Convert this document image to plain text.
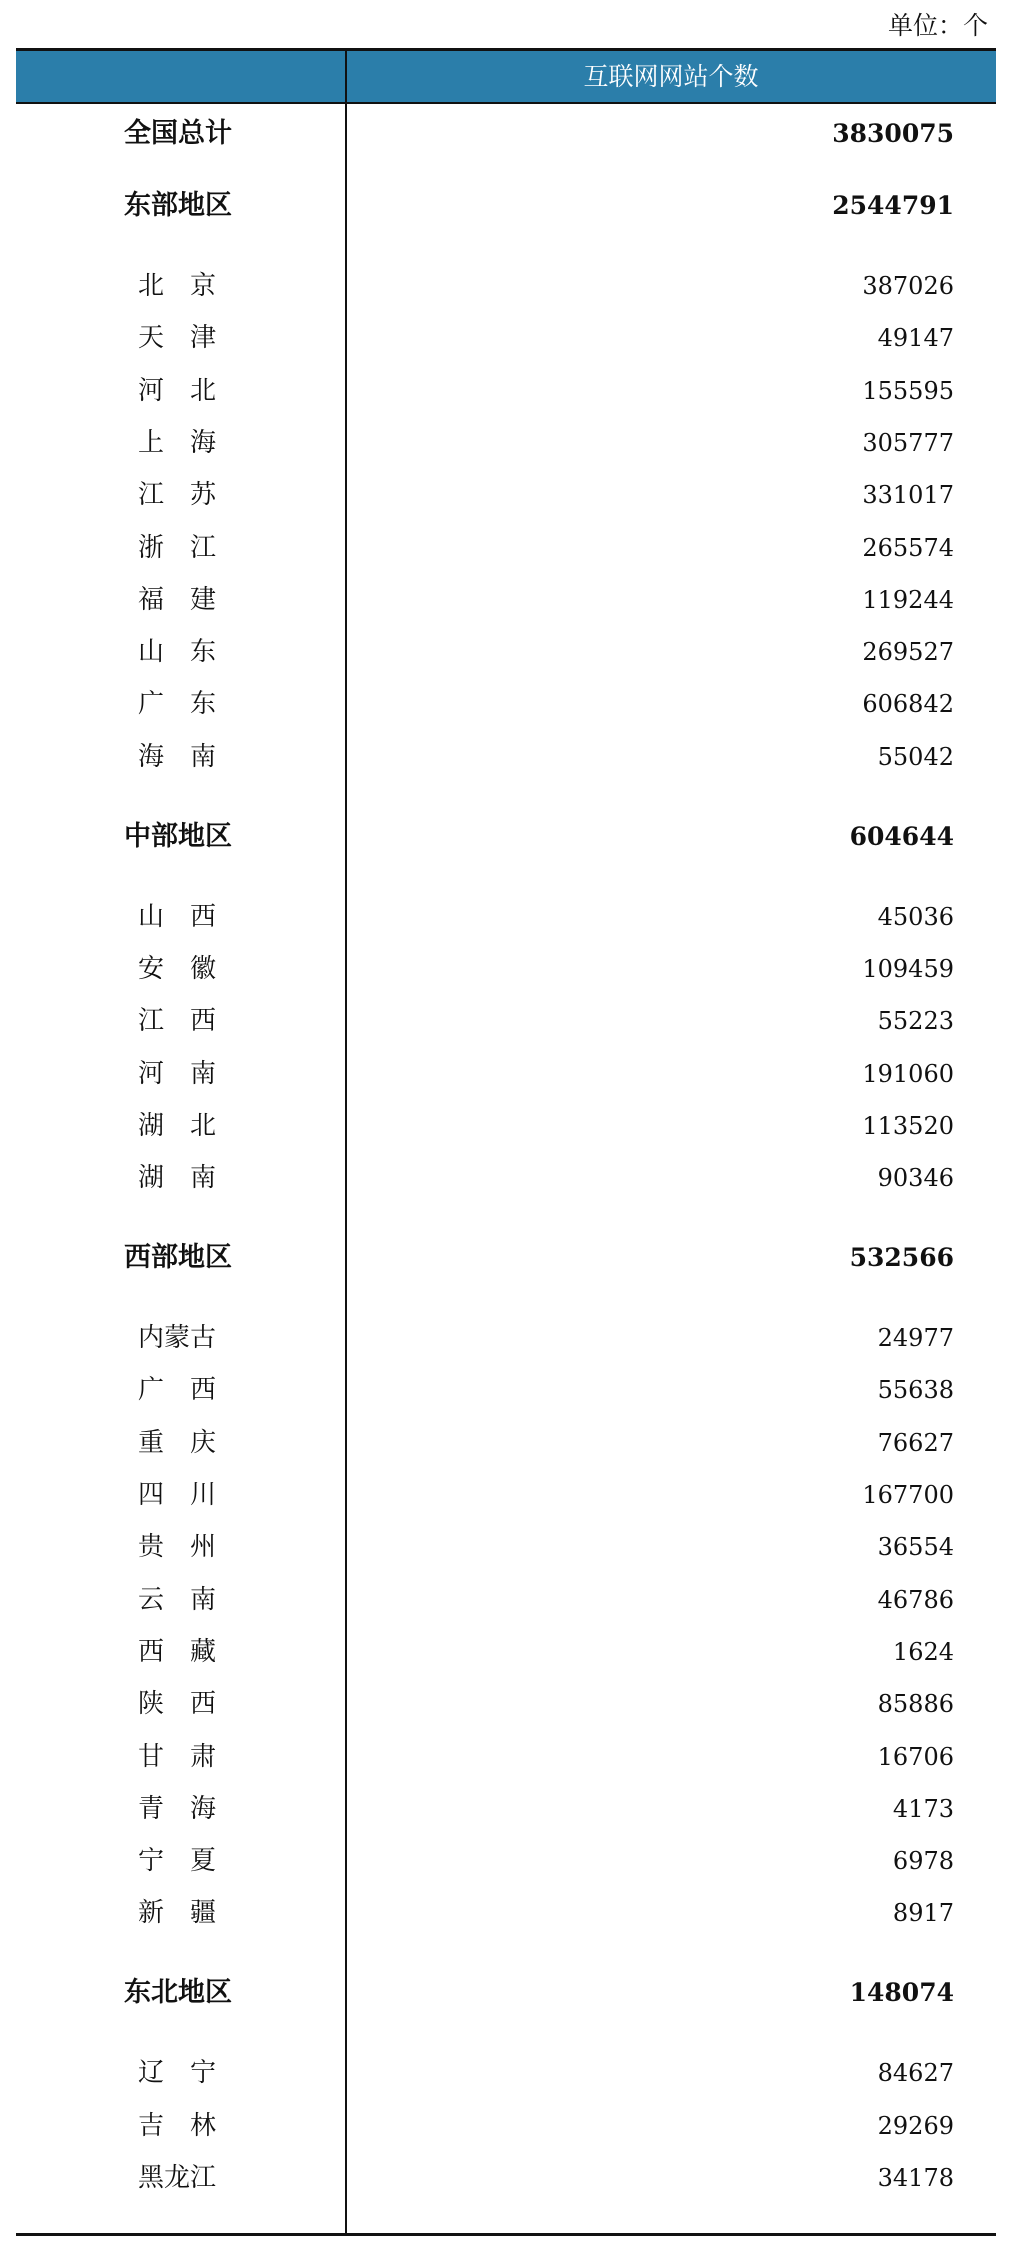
单位：个
互联网网站个数
全国总计	3830075
东部地区	2544791
北　京	387026
天　津	49147
河　北	155595
上　海	305777
江　苏	331017
浙　江	265574
福　建	119244
山　东	269527
广　东	606842
海　南	55042
中部地区	604644
山　西	45036
安　徽	109459
江　西	55223
河　南	191060
湖　北	113520
湖　南	90346
西部地区	532566
内蒙古	24977
广　西	55638
重　庆	76627
四　川	167700
贵　州	36554
云　南	46786
西　藏	1624
陕　西	85886
甘　肃	16706
青　海	4173
宁　夏	6978
新　疆	8917
东北地区	148074
辽　宁	84627
吉　林	29269
黑龙江	34178
